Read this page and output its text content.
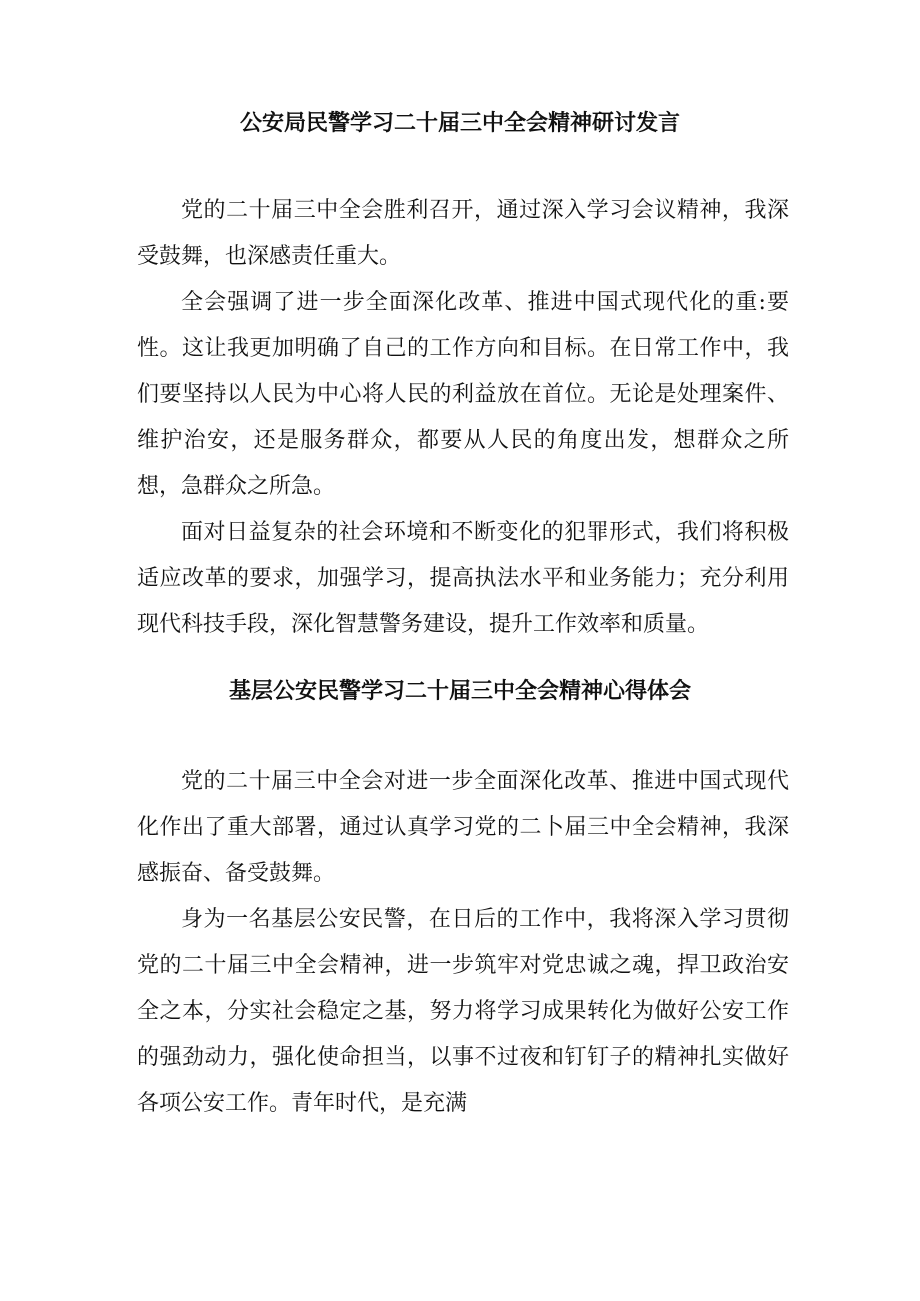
公安局民警学习二十届三中全会精神研讨发言

党的二十届三中全会胜利召开，通过深入学习会议精神，我深受鼓舞，也深感责任重大。

全会强调了进一步全面深化改革、推进中国式现代化的重:要性。这让我更加明确了自己的工作方向和目标。在日常工作中，我们要坚持以人民为中心将人民的利益放在首位。无论是处理案件、维护治安，还是服务群众，都要从人民的角度出发，想群众之所想，急群众之所急。

面对日益复杂的社会环境和不断变化的犯罪形式，我们将积极适应改革的要求，加强学习，提高执法水平和业务能力；充分利用现代科技手段，深化智慧警务建设，提升工作效率和质量。

基层公安民警学习二十届三中全会精神心得体会

党的二十届三中全会对进一步全面深化改革、推进中国式现代化作出了重大部署，通过认真学习党的二卜届三中全会精神，我深感振奋、备受鼓舞。

身为一名基层公安民警，在日后的工作中，我将深入学习贯彻党的二十届三中全会精神，进一步筑牢对党忠诚之魂，捍卫政治安全之本，分实社会稳定之基，努力将学习成果转化为做好公安工作的强劲动力，强化使命担当，以事不过夜和钉钉子的精神扎实做好各项公安工作。青年时代，是充满
